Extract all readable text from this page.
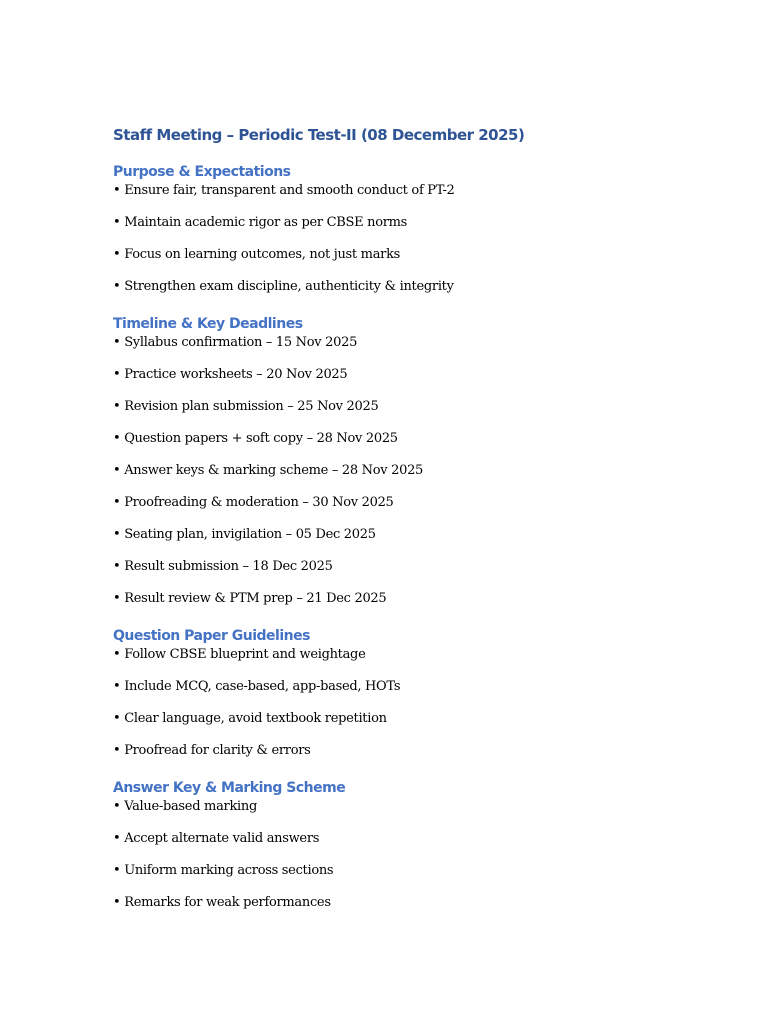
Staff Meeting – Periodic Test-II (08 December 2025)
Purpose & Expectations
• Ensure fair, transparent and smooth conduct of PT-2
• Maintain academic rigor as per CBSE norms
• Focus on learning outcomes, not just marks
• Strengthen exam discipline, authenticity & integrity
Timeline & Key Deadlines
• Syllabus confirmation – 15 Nov 2025
• Practice worksheets – 20 Nov 2025
• Revision plan submission – 25 Nov 2025
• Question papers + soft copy – 28 Nov 2025
• Answer keys & marking scheme – 28 Nov 2025
• Proofreading & moderation – 30 Nov 2025
• Seating plan, invigilation – 05 Dec 2025
• Result submission – 18 Dec 2025
• Result review & PTM prep – 21 Dec 2025
Question Paper Guidelines
• Follow CBSE blueprint and weightage
• Include MCQ, case-based, app-based, HOTs
• Clear language, avoid textbook repetition
• Proofread for clarity & errors
Answer Key & Marking Scheme
• Value-based marking
• Accept alternate valid answers
• Uniform marking across sections
• Remarks for weak performances
